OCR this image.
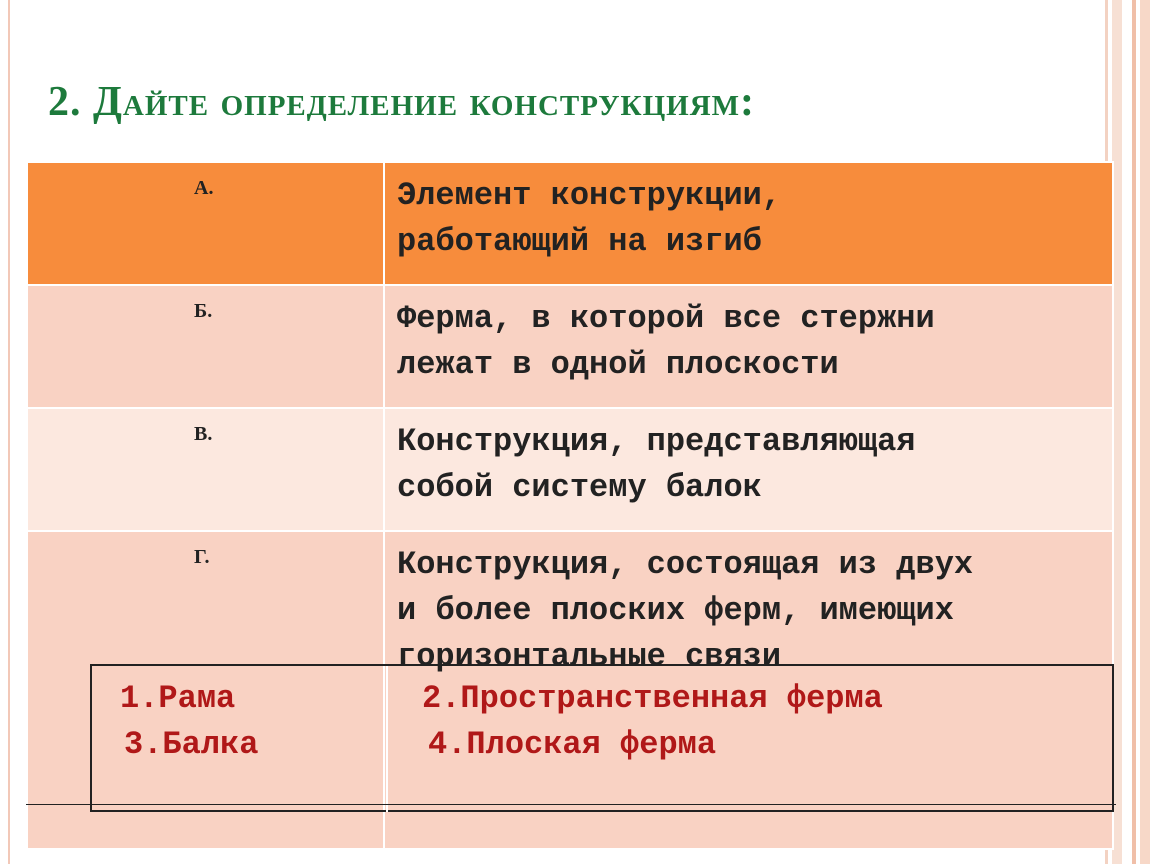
2. Дайте определение конструкциям:
А.	Элемент конструкции,
работающий на изгиб

Б.	Ферма, в которой все стержни
лежат в одной плоскости

В.	Конструкция, представляющая
собой систему балок

Г.	Конструкция, состоящая из двух
и более плоских ферм, имеющих
горизонтальные связи
1.Рама	2.Пространственная ферма
3.Балка	4.Плоская ферма
